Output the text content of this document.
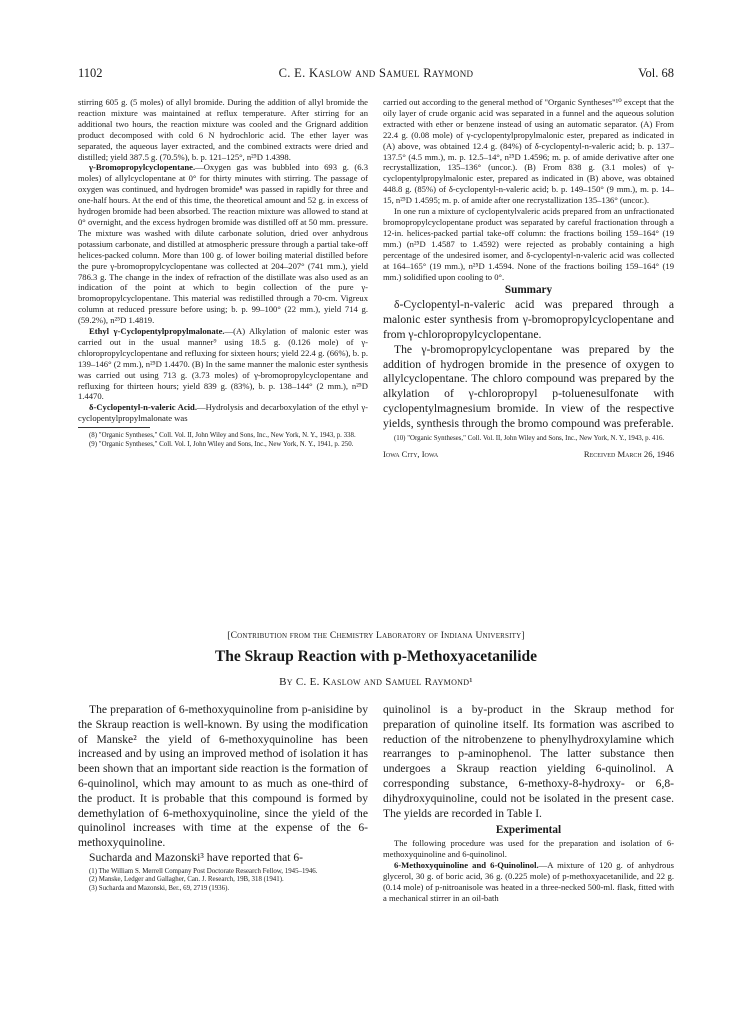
1102	C. E. Kaslow and Samuel Raymond	Vol. 68

stirring 605 g. (5 moles) of allyl bromide. During the addition of allyl bromide the reaction mixture was maintained at reflux temperature. After stirring for an additional two hours, the reaction mixture was cooled and the Grignard addition product decomposed with cold 6 N hydrochloric acid. The ether layer was separated, the aqueous layer extracted, and the combined extracts were dried and distilled; yield 387.5 g. (70.5%), b. p. 121–125°, n²⁵D 1.4398.

γ-Bromopropylcyclopentane.—Oxygen gas was bubbled into 693 g. (6.3 moles) of allylcyclopentane at 0° for thirty minutes with stirring. The passage of oxygen was continued, and hydrogen bromide⁸ was passed in rapidly for three and one-half hours. At the end of this time, the theoretical amount and 52 g. in excess of hydrogen bromide had been absorbed. The reaction mixture was allowed to stand at 0° overnight, and the excess hydrogen bromide was distilled off at 50 mm. pressure. The mixture was washed with dilute carbonate solution, dried over anhydrous potassium carbonate, and distilled at atmospheric pressure through a partial take-off helices-packed column. More than 100 g. of lower boiling material distilled before the pure γ-bromopropylcyclopentane was collected at 204–207° (741 mm.), yield 786.3 g. The change in the index of refraction of the distillate was also used as an indication of the point at which to begin collection of the pure γ-bromopropylcyclopentane. This material was redistilled through a 70-cm. Vigreux column at reduced pressure before using; b. p. 99–100° (22 mm.), yield 714 g. (59.2%), n²⁵D 1.4819.

Ethyl γ-Cyclopentylpropylmalonate.—(A) Alkylation of malonic ester was carried out in the usual manner⁹ using 18.5 g. (0.126 mole) of γ-chloropropylcyclopentane and refluxing for sixteen hours; yield 22.4 g. (66%), b. p. 139–146° (2 mm.), n²⁵D 1.4470. (B) In the same manner the malonic ester synthesis was carried out using 713 g. (3.73 moles) of γ-bromopropylcyclopentane and refluxing for thirteen hours; yield 839 g. (83%), b. p. 138–144° (2 mm.), n²⁵D 1.4470.

δ-Cyclopentyl-n-valeric Acid.—Hydrolysis and decarboxylation of the ethyl γ-cyclopentylpropylmalonate was

(8) "Organic Syntheses," Coll. Vol. II, John Wiley and Sons, Inc., New York, N. Y., 1943, p. 338.

(9) "Organic Syntheses," Coll. Vol. I, John Wiley and Sons, Inc., New York, N. Y., 1941, p. 250.

carried out according to the general method of "Organic Syntheses"¹⁰ except that the oily layer of crude organic acid was separated in a funnel and the aqueous solution extracted with ether or benzene instead of using an automatic separator. (A) From 22.4 g. (0.08 mole) of γ-cyclopentylpropylmalonic ester, prepared as indicated in (A) above, was obtained 12.4 g. (84%) of δ-cyclopentyl-n-valeric acid; b. p. 137–137.5° (4.5 mm.), m. p. 12.5–14°, n²⁵D 1.4596; m. p. of amide derivative after one recrystallization, 135–136° (uncor.). (B) From 838 g. (3.1 moles) of γ-cyclopentylpropylmalonic ester, prepared as indicated in (B) above, was obtained 448.8 g. (85%) of δ-cyclopentyl-n-valeric acid; b. p. 149–150° (9 mm.), m. p. 14–15, n²⁵D 1.4595; m. p. of amide after one recrystallization 135–136° (uncor.).

In one run a mixture of cyclopentylvaleric acids prepared from an unfractionated bromopropylcyclopentane product was separated by careful fractionation through a 12-in. helices-packed partial take-off column: the fractions boiling 159–164° (19 mm.) (n²⁵D 1.4587 to 1.4592) were rejected as probably containing a high percentage of the undesired isomer, and δ-cyclopentyl-n-valeric acid was collected at 164–165° (19 mm.), n²⁵D 1.4594. None of the fractions boiling 159–164° (19 mm.) solidified upon cooling to 0°.

Summary

δ-Cyclopentyl-n-valeric acid was prepared through a malonic ester synthesis from γ-bromopropylcyclopentane and from γ-chloropropylcyclopentane.

The γ-bromopropylcyclopentane was prepared by the addition of hydrogen bromide in the presence of oxygen to allylcyclopentane. The chloro compound was prepared by the alkylation of γ-chloropropyl p-toluenesulfonate with cyclopentylmagnesium bromide. In view of the respective yields, synthesis through the bromo compound was preferable.

(10) "Organic Syntheses," Coll. Vol. II, John Wiley and Sons, Inc., New York, N. Y., 1943, p. 416.

Iowa City, Iowa	Received March 26, 1946
[Contribution from the Chemistry Laboratory of Indiana University]
The Skraup Reaction with p-Methoxyacetanilide
By C. E. Kaslow and Samuel Raymond¹

The preparation of 6-methoxyquinoline from p-anisidine by the Skraup reaction is well-known. By using the modification of Manske² the yield of 6-methoxyquinoline has been increased and by using an improved method of isolation it has been shown that an important side reaction is the formation of 6-quinolinol, which may amount to as much as one-third of the product. It is probable that this compound is formed by demethylation of 6-methoxyquinoline, since the yield of the quinolinol increases with time at the expense of the 6-methoxyquinoline.

Sucharda and Mazonski³ have reported that 6-

(1) The William S. Merrell Company Post Doctorate Research Fellow, 1945–1946.

(2) Manske, Ledger and Gallagher, Can. J. Research, 19B, 318 (1941).

(3) Sucharda and Mazonski, Ber., 69, 2719 (1936).

quinolinol is a by-product in the Skraup method for preparation of quinoline itself. Its formation was ascribed to reduction of the nitrobenzene to phenylhydroxylamine which rearranges to p-aminophenol. The latter substance then undergoes a Skraup reaction yielding 6-quinolinol. A corresponding substance, 6-methoxy-8-hydroxy- or 6,8-dihydroxyquinoline, could not be isolated in the present case. The yields are recorded in Table I.

Experimental

The following procedure was used for the preparation and isolation of 6-methoxyquinoline and 6-quinolinol.

6-Methoxyquinoline and 6-Quinolinol.—A mixture of 120 g. of anhydrous glycerol, 30 g. of boric acid, 36 g. (0.225 mole) of p-methoxyacetanilide, and 22 g. (0.14 mole) of p-nitroanisole was heated in a three-necked 500-ml. flask, fitted with a mechanical stirrer in an oil-bath
